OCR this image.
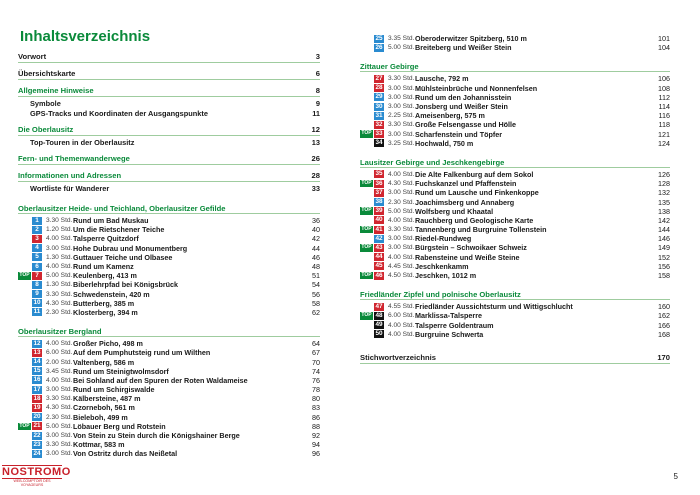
Inhaltsverzeichnis
Vorwort	3
Übersichtskarte	6
Allgemeine Hinweise	8
Symbole	9
GPS-Tracks und Koordinaten der Ausgangspunkte	11
Die Oberlausitz	12
Top-Touren in der Oberlausitz	13
Fern- und Themenwanderwege	26
Informationen und Adressen	28
Wortliste für Wanderer	33
Oberlausitzer Heide- und Teichland, Oberlausitzer Gefilde
1	3.30 Std. Rund um Bad Muskau	36
2	1.20 Std. Um die Rietschener Teiche	40
3	4.00 Std. Talsperre Quitzdorf	42
4	3.00 Std. Hohe Dubrau und Monumentberg	44
5	1.30 Std. Guttauer Teiche und Olbasee	46
6	4.00 Std. Rund um Kamenz	48
TOP 7	5.00 Std. Keulenberg, 413 m	51
8	1.30 Std. Biberlehrpfad bei Königsbrück	54
9	3.30 Std. Schwedenstein, 420 m	56
10 4.30 Std. Butterberg, 385 m	58
11 2.30 Std. Klosterberg, 394 m	62
Oberlausitzer Bergland
12 4.00 Std. Großer Picho, 498 m	64
13 6.00 Std. Auf dem Pumphutsteig rund um Wilthen	67
14 2.00 Std. Valtenberg, 586 m	70
15 3.45 Std. Rund um Steinigtwolmsdorf	74
16 4.00 Std. Bei Sohland auf den Spuren der Roten Waldameise	76
17 3.00 Std. Rund um Schirgiswalde	78
18 3.30 Std. Kälbersteine, 487 m	80
19 4.30 Std. Czorneboh, 561 m	83
20 2.30 Std. Bieleboh, 499 m	86
TOP 21 5.00 Std. Löbauer Berg und Rotstein	88
22 3.00 Std. Von Stein zu Stein durch die Königshainer Berge	92
23 3.30 Std. Kottmar, 583 m	94
24 3.00 Std. Von Ostritz durch das Neißetal	96
25 3.35 Std. Oberoderwitzer Spitzberg, 510 m	101
26 5.00 Std. Breiteberg und Weißer Stein	104
Zittauer Gebirge
27 3.30 Std. Lausche, 792 m	106
28 3.00 Std. Mühlsteinbrüche und Nonnenfelsen	108
29 3.00 Std. Rund um den Johannisstein	112
30 3.00 Std. Jonsberg und Weißer Stein	114
31 2.25 Std. Ameisenberg, 575 m	116
32 3.30 Std. Große Felsengasse und Hölle	118
TOP 33 3.00 Std. Scharfenstein und Töpfer	121
34 3.25 Std. Hochwald, 750 m	124
Lausitzer Gebirge und Jeschkengebirge
35 4.00 Std. Die Alte Falkenburg auf dem Sokol	126
TOP 36 4.30 Std. Fuchskanzel und Pfaffenstein	128
37 3.00 Std. Rund um Lausche und Finkenkoppe	132
38 2.30 Std. Joachimsberg und Annaberg	135
TOP 39 5.00 Std. Wolfsberg und Khaatal	138
40 4.00 Std. Rauchberg und Geologische Karte	142
TOP 41 3.30 Std. Tannenberg und Burgruine Tollenstein	144
42 3.00 Std. Riedel-Rundweg	146
TOP 43 3.00 Std. Bürgstein – Schwoikaer Schweiz	149
44 4.00 Std. Rabensteine und Weiße Steine	152
45 4.45 Std. Jeschkenkamm	156
TOP 46 4.50 Std. Jeschken, 1012 m	158
Friedländer Zipfel und polnische Oberlausitz
47 4.55 Std. Friedländer Aussichtsturm und Wittigschlucht	160
TOP 48 6.00 Std. Marklissa-Talsperre	162
49 4.00 Std. Talsperre Goldentraum	166
50 4.00 Std. Burgruine Schwerta	168
Stichwortverzeichnis	170
NOSTROMO
WEB-COMPTOIR DES VOYAGEURS
5
